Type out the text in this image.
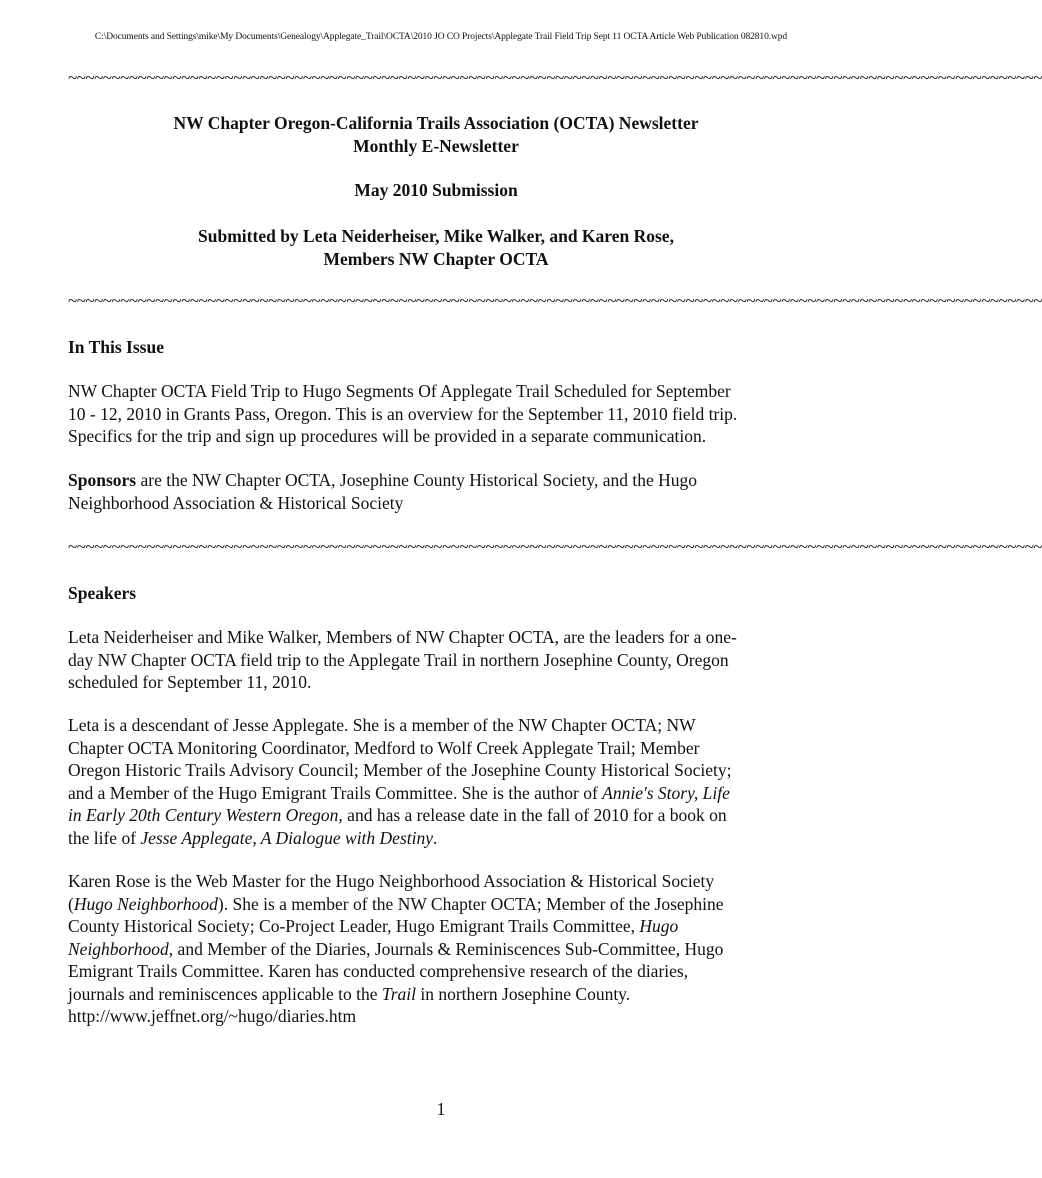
C:\Documents and Settings\mike\My Documents\Genealogy\Applegate_Trail\OCTA\2010 JO CO Projects\Applegate Trail Field Trip Sept 11 OCTA Article Web Publication 082810.wpd
~~~~~~~~~~~~~~~~~~~~~~~~~~~~~~~~~~~~~~~~~~~~~~~~~~~~~~~~~~~~~~~~~~~~~~~~~~~~~~~~~~~~~~~~~~~~~~~~~~~~~~~~~~~~~~~~
NW Chapter Oregon-California Trails Association (OCTA) Newsletter
Monthly E-Newsletter
May 2010 Submission
Submitted by Leta Neiderheiser, Mike Walker, and Karen Rose,
Members NW Chapter OCTA
~~~~~~~~~~~~~~~~~~~~~~~~~~~~~~~~~~~~~~~~~~~~~~~~~~~~~~~~~~~~~~~~~~~~~~~~~~~~~~~~~~~~~~~~~~~~~~~~~~~~~~~~~~~~~~~~
In This Issue

NW Chapter OCTA Field Trip to Hugo Segments Of Applegate Trail Scheduled for September
10 - 12, 2010 in Grants Pass, Oregon. This is an overview for the September 11, 2010 field trip.
Specifics for the trip and sign up procedures will be provided in a separate communication.

Sponsors are the NW Chapter OCTA, Josephine County Historical Society, and the Hugo
Neighborhood Association & Historical Society

~~~~~~~~~~~~~~~~~~~~~~~~~~~~~~~~~~~~~~~~~~~~~~~~~~~~~~~~~~~~~~~~~~~~~~~~~~~~~~~~~~~~~~~~~~~~~~~~~~~~~~~~~~~~~~~~
Speakers

Leta Neiderheiser and Mike Walker, Members of NW Chapter OCTA, are the leaders for a one-
day NW Chapter OCTA field trip to the Applegate Trail in northern Josephine County, Oregon
scheduled for September 11, 2010.

Leta is a descendant of Jesse Applegate. She is a member of the NW Chapter OCTA; NW
Chapter OCTA Monitoring Coordinator, Medford to Wolf Creek Applegate Trail; Member
Oregon Historic Trails Advisory Council; Member of the Josephine County Historical Society;
and a Member of the Hugo Emigrant Trails Committee. She is the author of Annie's Story, Life
in Early 20th Century Western Oregon, and has a release date in the fall of 2010 for a book on
the life of Jesse Applegate, A Dialogue with Destiny.

Karen Rose is the Web Master for the Hugo Neighborhood Association & Historical Society
(Hugo Neighborhood). She is a member of the NW Chapter OCTA; Member of the Josephine
County Historical Society; Co-Project Leader, Hugo Emigrant Trails Committee, Hugo
Neighborhood, and Member of the Diaries, Journals & Reminiscences Sub-Committee, Hugo
Emigrant Trails Committee. Karen has conducted comprehensive research of the diaries,
journals and reminiscences applicable to the Trail in northern Josephine County.
http://www.jeffnet.org/~hugo/diaries.htm

1
